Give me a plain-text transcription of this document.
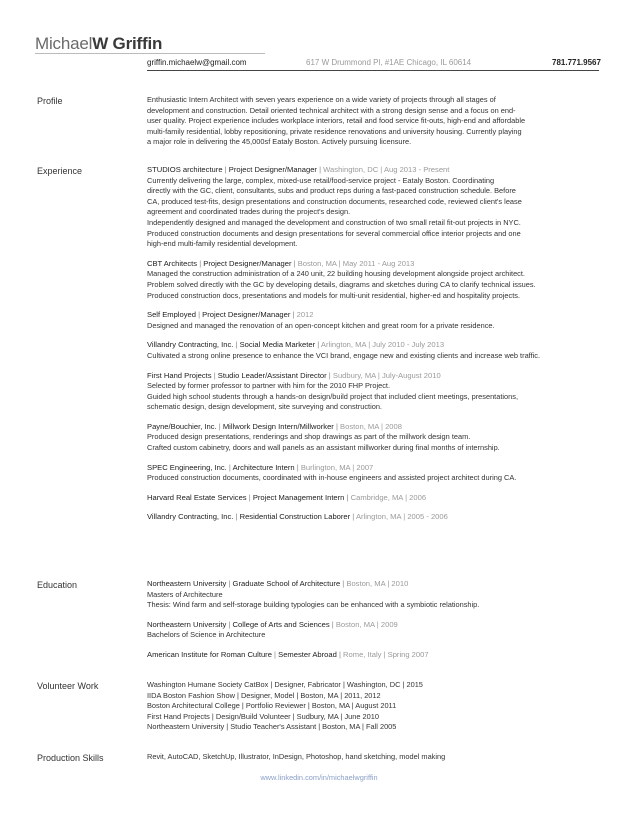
MichaelW Griffin
griffin.michaelw@gmail.com	617 W Drummond Pl, #1AE Chicago, IL 60614	781.771.9567
Profile	Enthusiastic Intern Architect with seven years experience on a wide variety of projects through all stages of
development and construction. Detail oriented technical architect with a strong design sense and a focus on end-
user quality. Project experience includes workplace interiors, retail and food service fit-outs, high-end and affordable
multi-family residential, lobby repositioning, private residence renovations and university housing. Currently playing
a major role in delivering the 45,000sf Eataly Boston. Actively pursuing licensure.
Experience	STUDIOS architecture | Project Designer/Manager | Washington, DC | Aug 2013 - Present
Currently delivering the large, complex, mixed-use retail/food-service project - Eataly Boston. Coordinating
directly with the GC, client, consultants, subs and product reps during a fast-paced construction schedule. Before
CA, produced test-fits, design presentations and construction documents, researched code, reviewed client's lease
agreement and coordinated trades during the project's design.
Independently designed and managed the development and construction of two small retail fit-out projects in NYC.
Produced construction documents and design presentations for several commercial office interior projects and one
high-end multi-family residential development.
CBT Architects | Project Designer/Manager | Boston, MA | May 2011 - Aug 2013
Managed the construction administration of a 240 unit, 22 building housing development alongside project architect.
Problem solved directly with the GC by developing details, diagrams and sketches during CA to clarify technical issues.
Produced construction docs, presentations and models for multi-unit residential, higher-ed and hospitality projects.
Self Employed | Project Designer/Manager | 2012
Designed and managed the renovation of an open-concept kitchen and great room for a private residence.
Villandry Contracting, Inc. | Social Media Marketer | Arlington, MA | July 2010 - July 2013
Cultivated a strong online presence to enhance the VCI brand, engage new and existing clients and increase web traffic.
First Hand Projects | Studio Leader/Assistant Director | Sudbury, MA | July-August 2010
Selected by former professor to partner with him for the 2010 FHP Project.
Guided high school students through a hands-on design/build project that included client meetings, presentations,
schematic design, design development, site surveying and construction.
Payne/Bouchier, Inc. | Millwork Design Intern/Millworker | Boston, MA | 2008
Produced design presentations, renderings and shop drawings as part of the millwork design team.
Crafted custom cabinetry, doors and wall panels as an assistant millworker during final months of internship.
SPEC Engineering, Inc. | Architecture Intern | Burlington, MA | 2007
Produced construction documents, coordinated with in-house engineers and assisted project architect during CA.
Harvard Real Estate Services | Project Management Intern | Cambridge, MA | 2006
Villandry Contracting, Inc. | Residential Construction Laborer | Arlington, MA | 2005 - 2006
Education	Northeastern University | Graduate School of Architecture | Boston, MA | 2010
Masters of Architecture
Thesis: Wind farm and self-storage building typologies can be enhanced with a symbiotic relationship.
Northeastern University | College of Arts and Sciences | Boston, MA | 2009
Bachelors of Science in Architecture
American Institute for Roman Culture | Semester Abroad | Rome, Italy | Spring 2007
Volunteer Work	Washington Humane Society CatBox | Designer, Fabricator | Washington, DC | 2015
IIDA Boston Fashion Show | Designer, Model | Boston, MA | 2011, 2012
Boston Architectural College | Portfolio Reviewer | Boston, MA | August 2011
First Hand Projects | Design/Build Volunteer | Sudbury, MA | June 2010
Northeastern University | Studio Teacher's Assistant | Boston, MA | Fall 2005
Production Skills	Revit, AutoCAD, SketchUp, Illustrator, InDesign, Photoshop, hand sketching, model making
www.linkedin.com/in/michaelwgriffin
